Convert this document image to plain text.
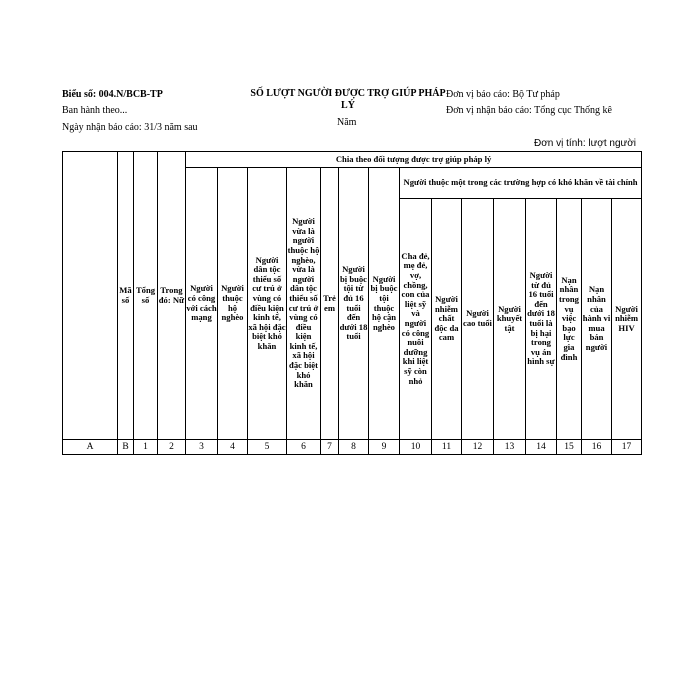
Biểu số: 004.N/BCB-TP
Ban hành theo...
Ngày nhận báo cáo: 31/3 năm sau
SỐ LƯỢT NGƯỜI ĐƯỢC TRỢ GIÚP PHÁP LÝ
Năm
Đơn vị báo cáo: Bộ Tư pháp
Đơn vị nhận báo cáo: Tổng cục Thống kê
Đơn vị tính: lượt người
	Mã số	Tổng số	Trong đó: Nữ	Chia theo đối tượng được trợ giúp pháp lý														
				Người có công với cách mạng	Người thuộc hộ nghèo	Người dân tộc thiểu số cư trú ở vùng có điều kiện kinh tế, xã hội đặc biệt khó khăn	Người vừa là người thuộc hộ nghèo, vừa là người dân tộc thiểu số cư trú ở vùng có điều kiện kinh tế, xã hội đặc biệt khó khăn	Trẻ em	Người bị buộc tội từ đủ 16 tuổi đến dưới 18 tuổi	Người bị buộc tội thuộc hộ cận nghèo	Người thuộc một trong các trường hợp có khó khăn về tài chính							
											Cha đẻ, mẹ đẻ, vợ, chồng, con của liệt sỹ và người có công nuôi dưỡng khi liệt sỹ còn nhỏ	Người nhiễm chất độc da cam	Người cao tuổi	Người khuyết tật	Người từ đủ 16 tuổi đến dưới 18 tuổi là bị hại trong vụ án hình sự	Nạn nhân trong vụ việc bạo lực gia đình	Nạn nhân của hành vi mua bán người	Người nhiễm HIV
A	B	1	2	3	4	5	6	7	8	9	10	11	12	13	14	15	16	17
